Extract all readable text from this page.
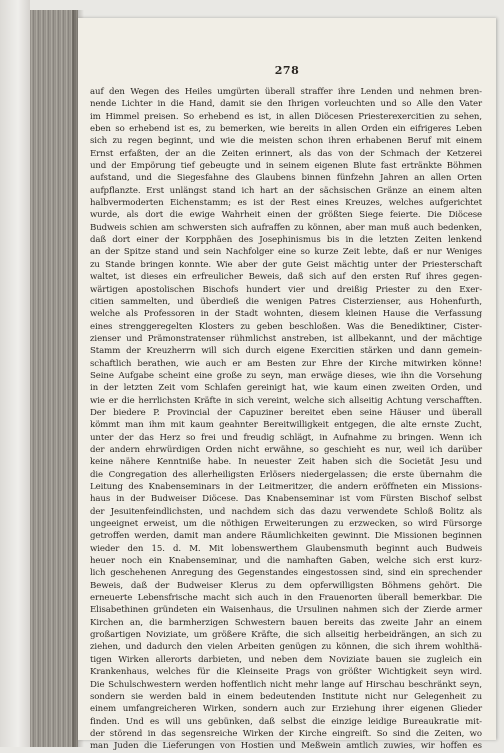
278
auf den Wegen des Heiles umgürten überall straffer ihre Lenden und nehmen bren-
nende Lichter in die Hand, damit sie den Ihrigen vorleuchten und so Alle den Vater
im Himmel preisen. So erhebend es ist, in allen Diöcesen Priesterexercitien zu sehen,
eben so erhebend ist es, zu bemerken, wie bereits in allen Orden ein eifrigeres Leben
sich zu regen beginnt, und wie die meisten schon ihren erhabenen Beruf mit einem
Ernst erfaßten, der an die Zeiten erinnert, als das von der Schmach der Ketzerei
und der Empörung tief gebeugte und in seinem eigenen Blute fast ertränkte Böhmen
aufstand, und die Siegesfahne des Glaubens binnen fünfzehn Jahren an allen Orten
aufpflanzte. Erst unlängst stand ich hart an der sächsischen Gränze an einem alten
halbvermoderten Eichenstamm; es ist der Rest eines Kreuzes, welches aufgerichtet
wurde, als dort die ewige Wahrheit einen der größten Siege feierte. Die Diöcese
Budweis schien am schwersten sich aufraffen zu können, aber man muß auch bedenken,
daß dort einer der Korpphäen des Josephinismus bis in die letzten Zeiten lenkend
an der Spitze stand und sein Nachfolger eine so kurze Zeit lebte, daß er nur Weniges
zu Stande bringen konnte. Wie aber der gute Geist mächtig unter der Priesterschaft
waltet, ist dieses ein erfreulicher Beweis, daß sich auf den ersten Ruf ihres gegen-
wärtigen apostolischen Bischofs hundert vier und dreißig Priester zu den Exer-
citien sammelten, und überdieß die wenigen Patres Cisterzienser, aus Hohenfurth,
welche als Professoren in der Stadt wohnten, diesem kleinen Hause die Verfassung
eines strenggeregelten Klosters zu geben beschloßen. Was die Benediktiner, Cister-
zienser und Prämonstratenser rühmlichst anstreben, ist allbekannt, und der mächtige
Stamm der Kreuzherrn will sich durch eigene Exercitien stärken und dann gemein-
schaftlich berathen, wie auch er am Besten zur Ehre der Kirche mitwirken könne!
Seine Aufgabe scheint eine große zu seyn, man erwäge dieses, wie ihn die Vorsehung
in der letzten Zeit vom Schlafen gereinigt hat, wie kaum einen zweiten Orden, und
wie er die herrlichsten Kräfte in sich vereint, welche sich allseitig Achtung verschafften.
Der biedere P. Provincial der Capuziner bereitet eben seine Häuser und überall
kömmt man ihm mit kaum geahnter Bereitwilligkeit entgegen, die alte ernste Zucht,
unter der das Herz so frei und freudig schlägt, in Aufnahme zu bringen. Wenn ich
der andern ehrwürdigen Orden nicht erwähne, so geschieht es nur, weil ich darüber
keine nähere Kenntniße habe. In neuester Zeit haben sich die Societät Jesu und
die Congregation des allerheiligsten Erlösers niedergelassen; die erste übernahm die
Leitung des Knabenseminars in der Leitmeritzer, die andern eröffneten ein Missions-
haus in der Budweiser Diöcese. Das Knabenseminar ist vom Fürsten Bischof selbst
der Jesuitenfeindlichsten, und nachdem sich das dazu verwendete Schloß Bolitz als
ungeeignet erweist, um die nöthigen Erweiterungen zu erzwecken, so wird Fürsorge
getroffen werden, damit man andere Räumlichkeiten gewinnt. Die Missionen beginnen
wieder den 15. d. M. Mit lobenswerthem Glaubensmuth beginnt auch Budweis
heuer noch ein Knabenseminar, und die namhaften Gaben, welche sich erst kurz-
lich geschehenen Anregung des Gegenstandes eingestossen sind, sind ein sprechender
Beweis, daß der Budweiser Klerus zu dem opferwilligsten Böhmens gehört. Die
erneuerte Lebensfrische macht sich auch in den Frauenorten überall bemerkbar. Die
Elisabethinen gründeten ein Waisenhaus, die Ursulinen nahmen sich der Zierde armer
Kirchen an, die barmherzigen Schwestern bauen bereits das zweite Jahr an einem
großartigen Noviziate, um größere Kräfte, die sich allseitig herbeidrängen, an sich zu
ziehen, und dadurch den vielen Arbeiten genügen zu können, die sich ihrem wohlthä-
tigen Wirken allerorts darbieten, und neben dem Noviziate bauen sie zugleich ein
Krankenhaus, welches für die Kleinseite Prags von größter Wichtigkeit seyn wird.
Die Schulschwestern werden hoffentlich nicht mehr lange auf Hirschau beschränkt seyn,
sondern sie werden bald in einem bedeutenden Institute nicht nur Gelegenheit zu
einem umfangreicheren Wirken, sondern auch zur Erziehung ihrer eigenen Glieder
finden. Und es will uns gebünken, daß selbst die einzige leidige Bureaukratie mit-
der störend in das segensreiche Wirken der Kirche eingreift. So sind die Zeiten, wo
man Juden die Lieferungen von Hostien und Meßwein amtlich zuwies, wir hoffen es
